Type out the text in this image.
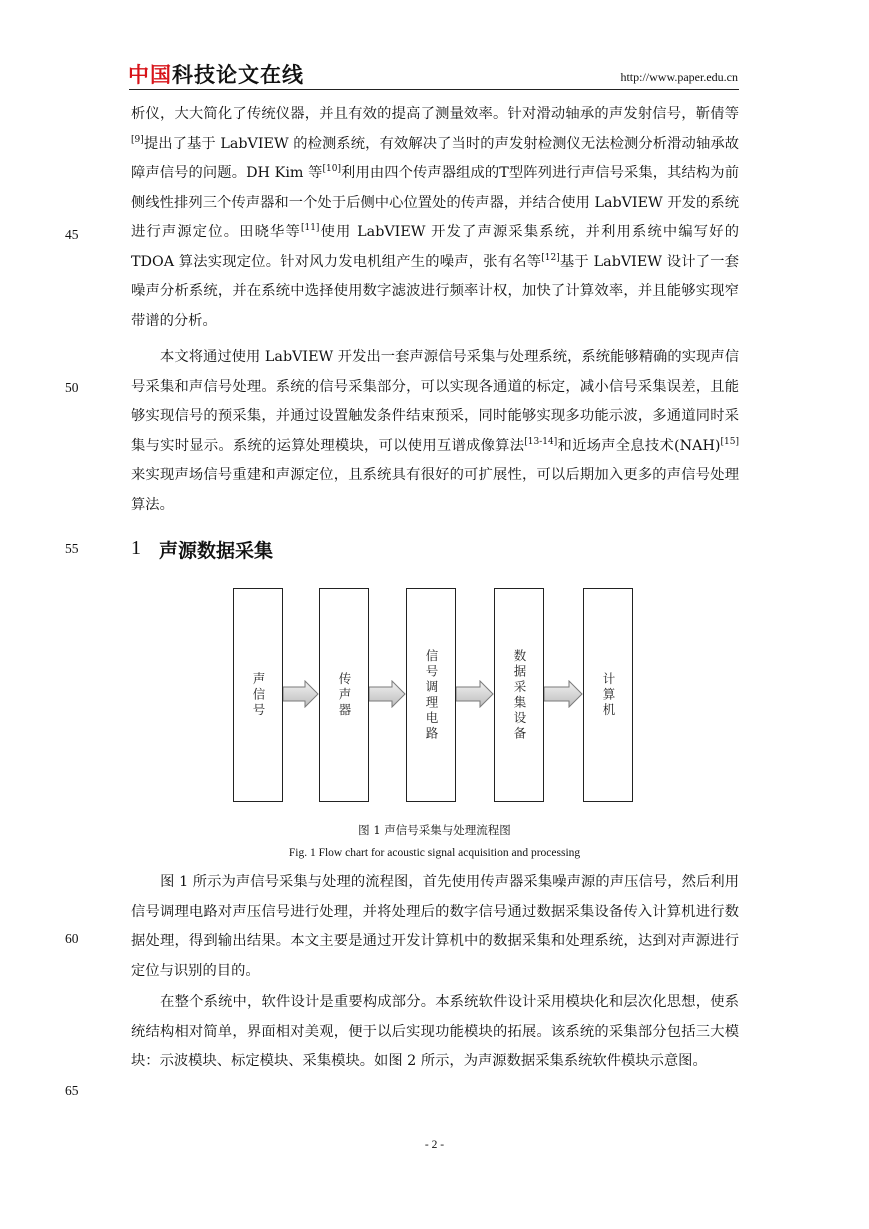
中国科技论文在线	http://www.paper.edu.cn

析仪，大大简化了传统仪器，并且有效的提高了测量效率。针对滑动轴承的声发射信号，靳倩等[9]提出了基于 LabVIEW 的检测系统，有效解决了当时的声发射检测仪无法检测分析滑动轴承故障声信号的问题。DH Kim 等[10]利用由四个传声器组成的T型阵列进行声信号采集，其结构为前侧线性排列三个传声器和一个处于后侧中心位置处的传声器，并结合使用 LabVIEW 开发的系统进行声源定位。田晓华等[11]使用 LabVIEW 开发了声源采集系统，并利用系统中编写好的 TDOA 算法实现定位。针对风力发电机组产生的噪声，张有名等[12]基于 LabVIEW 设计了一套噪声分析系统，并在系统中选择使用数字滤波进行频率计权，加快了计算效率，并且能够实现窄带谱的分析。

本文将通过使用 LabVIEW 开发出一套声源信号采集与处理系统，系统能够精确的实现声信号采集和声信号处理。系统的信号采集部分，可以实现各通道的标定，减小信号采集误差，且能够实现信号的预采集，并通过设置触发条件结束预采，同时能够实现多功能示波，多通道同时采集与实时显示。系统的运算处理模块，可以使用互谱成像算法[13-14]和近场声全息技术(NAH)[15]来实现声场信号重建和声源定位，且系统具有很好的可扩展性，可以后期加入更多的声信号处理算法。

45
50
55
60
65
1 声源数据采集
声信号	传声器	信号调理电路	数据采集设备	计算机
图 1 声信号采集与处理流程图
Fig. 1 Flow chart for acoustic signal acquisition and processing

图 1 所示为声信号采集与处理的流程图，首先使用传声器采集噪声源的声压信号，然后利用信号调理电路对声压信号进行处理，并将处理后的数字信号通过数据采集设备传入计算机进行数据处理，得到输出结果。本文主要是通过开发计算机中的数据采集和处理系统，达到对声源进行定位与识别的目的。

在整个系统中，软件设计是重要构成部分。本系统软件设计采用模块化和层次化思想，使系统结构相对简单，界面相对美观，便于以后实现功能模块的拓展。该系统的采集部分包括三大模块：示波模块、标定模块、采集模块。如图 2 所示，为声源数据采集系统软件模块示意图。

- 2 -
